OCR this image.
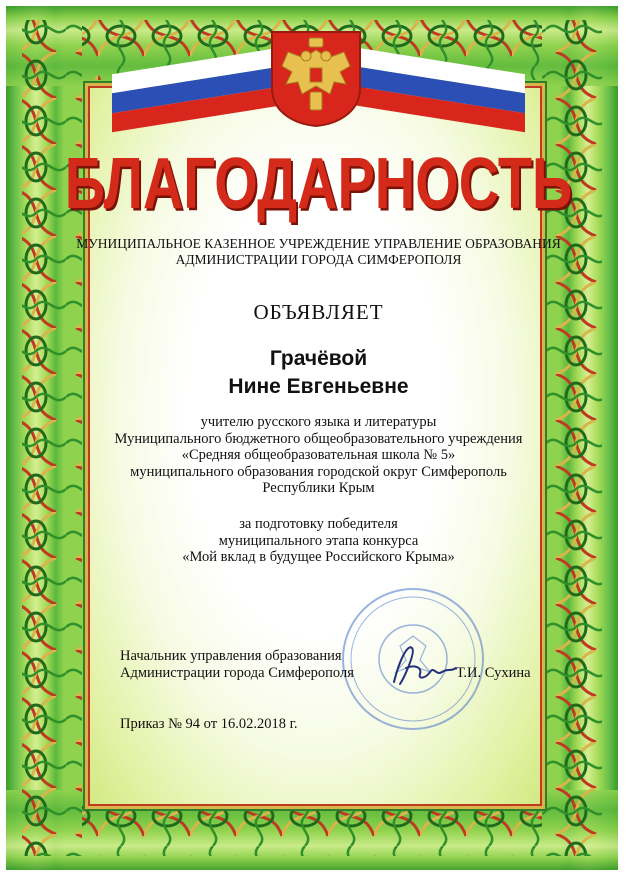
БЛАГОДАРНОСТЬ
МУНИЦИПАЛЬНОЕ КАЗЕННОЕ УЧРЕЖДЕНИЕ УПРАВЛЕНИЕ ОБРАЗОВАНИЯ
АДМИНИСТРАЦИИ ГОРОДА СИМФЕРОПОЛЯ
ОБЪЯВЛЯЕТ
Грачёвой
Нине Евгеньевне
учителю русского языка и литературы
Муниципального бюджетного общеобразовательного учреждения
«Средняя общеобразовательная школа № 5»
муниципального образования городской округ Симферополь
Республики Крым
за подготовку победителя
муниципального этапа конкурса
«Мой вклад в будущее Российского Крыма»
Начальник управления образования
Администрации города Симферополя	Т.И. Сухина
Приказ № 94 от 16.02.2018 г.
